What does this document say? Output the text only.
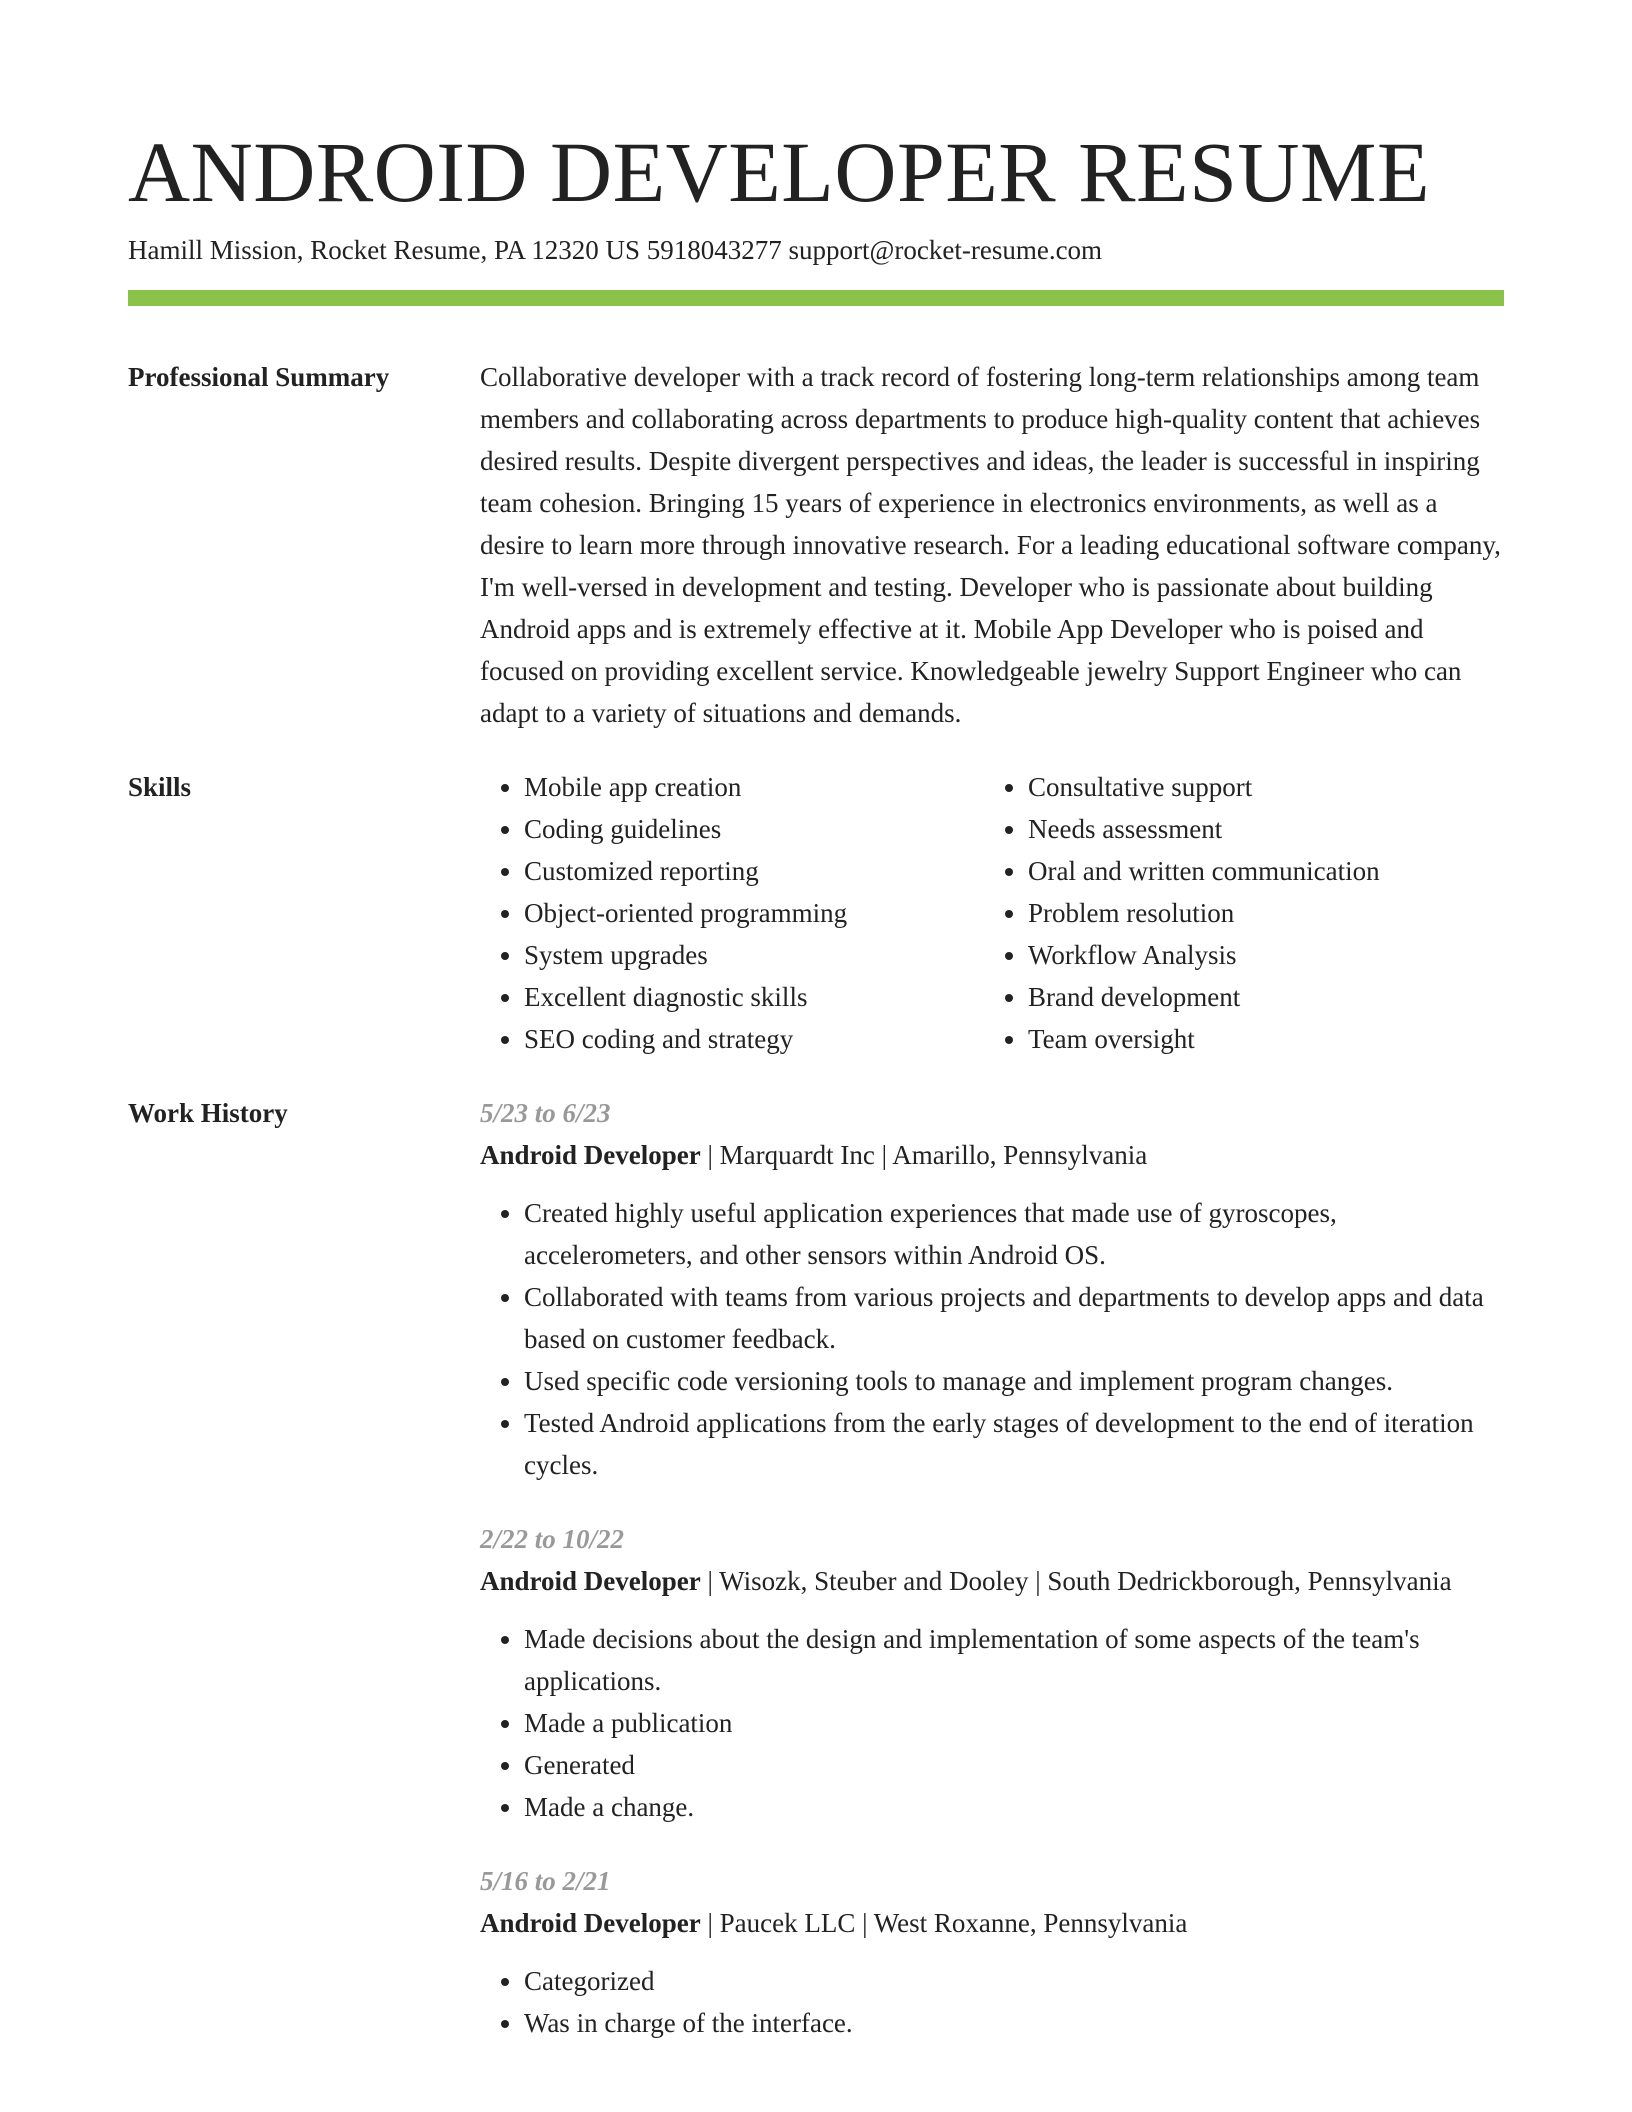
ANDROID DEVELOPER RESUME
Hamill Mission, Rocket Resume, PA 12320 US 5918043277 support@rocket-resume.com
Professional Summary	Collaborative developer with a track record of fostering long-term relationships among team members and collaborating across departments to produce high-quality content that achieves desired results. Despite divergent perspectives and ideas, the leader is successful in inspiring team cohesion. Bringing 15 years of experience in electronics environments, as well as a desire to learn more through innovative research. For a leading educational software company, I'm well-versed in development and testing. Developer who is passionate about building Android apps and is extremely effective at it. Mobile App Developer who is poised and focused on providing excellent service. Knowledgeable jewelry Support Engineer who can adapt to a variety of situations and demands.
Skills
•	Mobile app creation
• Coding guidelines
• Customized reporting
• Object-oriented programming
• System upgrades
• Excellent diagnostic skills
• SEO coding and strategy
• Consultative support
• Needs assessment
• Oral and written communication
• Problem resolution
• Workflow Analysis
• Brand development
• Team oversight
Work History	5/23 to 6/23
Android Developer | Marquardt Inc | Amarillo, Pennsylvania
• Created highly useful application experiences that made use of gyroscopes, accelerometers, and other sensors within Android OS.
• Collaborated with teams from various projects and departments to develop apps and data based on customer feedback.
• Used specific code versioning tools to manage and implement program changes.
• Tested Android applications from the early stages of development to the end of iteration cycles.
2/22 to 10/22
Android Developer | Wisozk, Steuber and Dooley | South Dedrickborough, Pennsylvania
• Made decisions about the design and implementation of some aspects of the team's applications.
• Made a publication
• Generated
• Made a change.
5/16 to 2/21
Android Developer | Paucek LLC | West Roxanne, Pennsylvania
• Categorized
• Was in charge of the interface.
